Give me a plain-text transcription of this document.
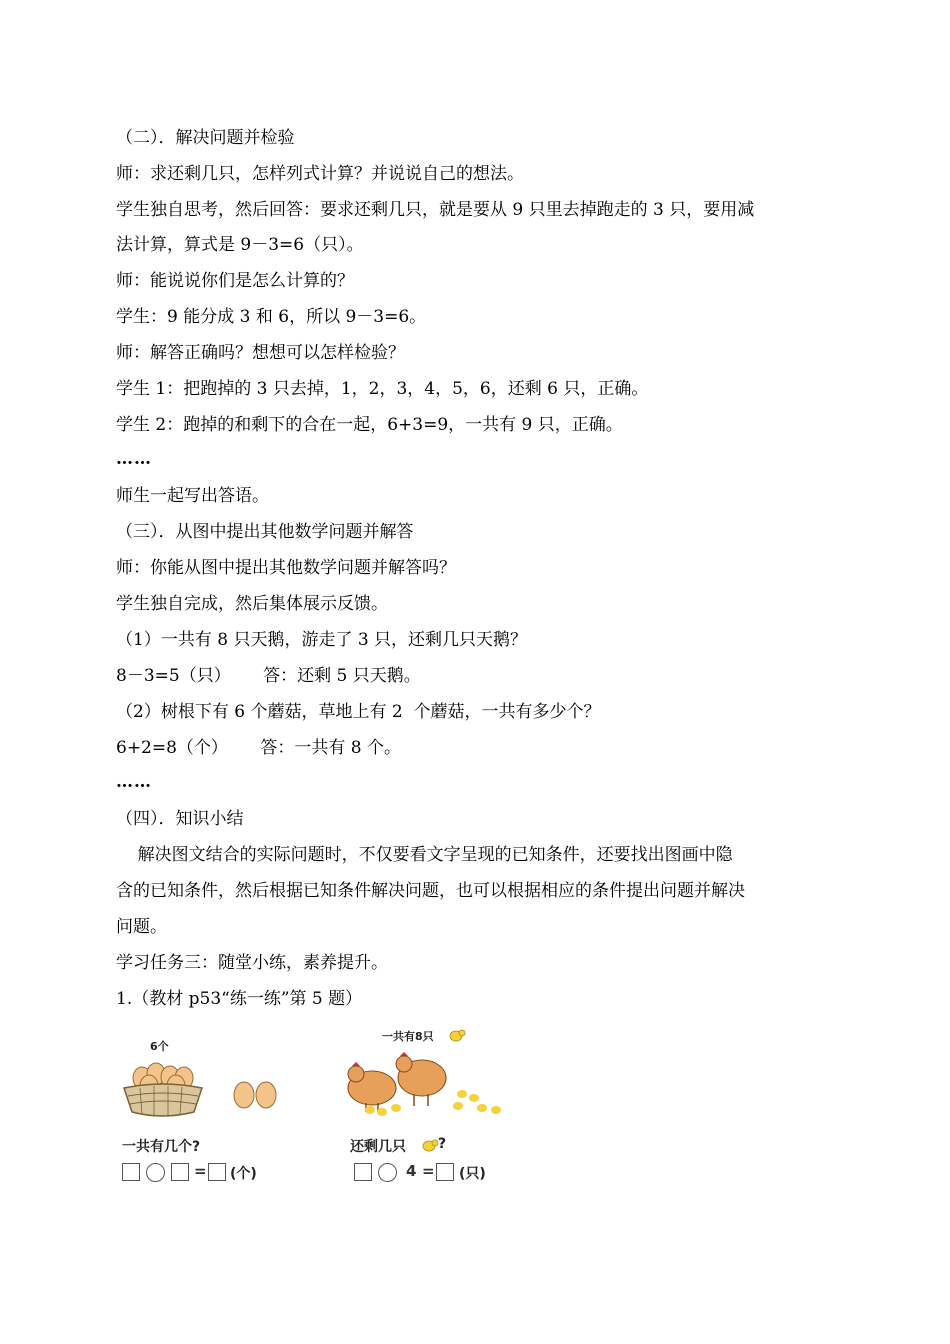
（二）．解决问题并检验
师：求还剩几只，怎样列式计算？并说说自己的想法。
学生独自思考，然后回答：要求还剩几只，就是要从 9 只里去掉跑走的 3 只，要用减
法计算，算式是 9－3=6（只）。
师：能说说你们是怎么计算的？
学生：9 能分成 3 和 6，所以 9－3=6。
师：解答正确吗？想想可以怎样检验？
学生 1：把跑掉的 3 只去掉，1，2，3，4，5，6，还剩 6 只，正确。
学生 2：跑掉的和剩下的合在一起，6+3=9，一共有 9 只，正确。
……
师生一起写出答语。
（三）．从图中提出其他数学问题并解答
师：你能从图中提出其他数学问题并解答吗？
学生独自完成，然后集体展示反馈。
（1）一共有 8 只天鹅，游走了 3 只，还剩几只天鹅？
8－3=5（只）      答：还剩 5 只天鹅。
（2）树根下有 6 个蘑菇，草地上有 2  个蘑菇，一共有多少个？
6+2=8（个）      答：一共有 8 个。
……
（四）．知识小结
解决图文结合的实际问题时，不仅要看文字呈现的已知条件，还要找出图画中隐
含的已知条件，然后根据已知条件解决问题，也可以根据相应的条件提出问题并解决
问题。
学习任务三：随堂小练，素养提升。
1.（教材 p53“练一练”第 5 题）
6个
一共有几个?
= (个)
一共有8只
还剩几只 ?
4 = (只)
